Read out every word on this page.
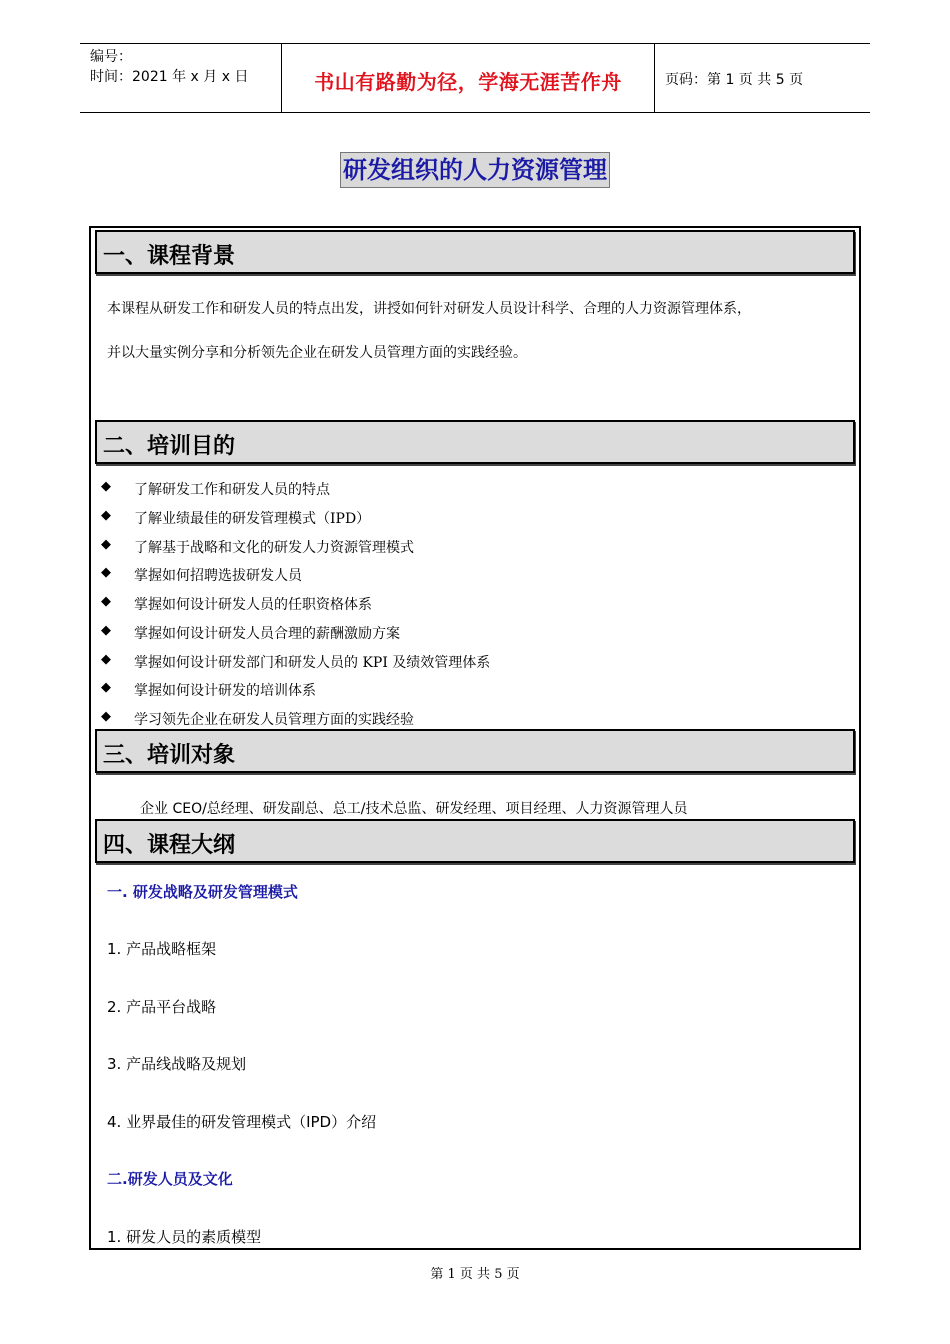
编号：
时间：2021 年 x 月 x 日	书山有路勤为径，学海无涯苦作舟	页码：第 1 页 共 5 页
研发组织的人力资源管理
一、课程背景
本课程从研发工作和研发人员的特点出发，讲授如何针对研发人员设计科学、合理的人力资源管理体系，
并以大量实例分享和分析领先企业在研发人员管理方面的实践经验。
二、培训目的
◆ 了解研发工作和研发人员的特点
◆ 了解业绩最佳的研发管理模式（IPD）
◆ 了解基于战略和文化的研发人力资源管理模式
◆ 掌握如何招聘选拔研发人员
◆ 掌握如何设计研发人员的任职资格体系
◆ 掌握如何设计研发人员合理的薪酬激励方案
◆ 掌握如何设计研发部门和研发人员的 KPI 及绩效管理体系
◆ 掌握如何设计研发的培训体系
◆ 学习领先企业在研发人员管理方面的实践经验
三、培训对象
企业 CEO/总经理、研发副总、总工/技术总监、研发经理、项目经理、人力资源管理人员
四、课程大纲
一. 研发战略及研发管理模式
1. 产品战略框架
2. 产品平台战略
3. 产品线战略及规划
4. 业界最佳的研发管理模式（IPD）介绍
二.研发人员及文化
1. 研发人员的素质模型
第 1 页 共 5 页
